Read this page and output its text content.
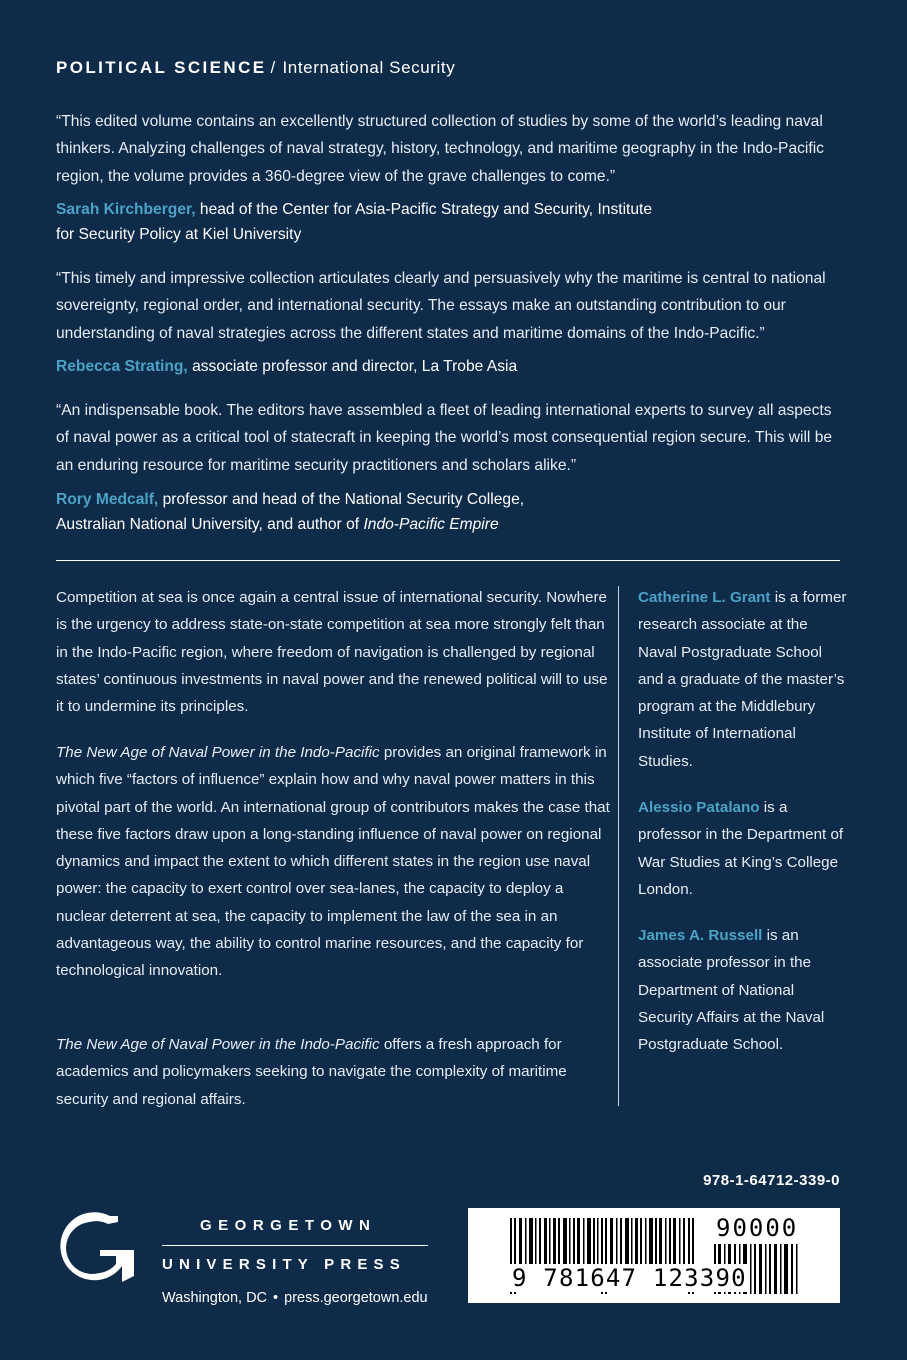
POLITICAL SCIENCE / International Security

“This edited volume contains an excellently structured collection of studies by some of the world’s leading naval thinkers. Analyzing challenges of naval strategy, history, technology, and maritime geography in the Indo-Pacific region, the volume provides a 360-degree view of the grave challenges to come.”

Sarah Kirchberger, head of the Center for Asia-Pacific Strategy and Security, Institute for Security Policy at Kiel University

“This timely and impressive collection articulates clearly and persuasively why the maritime is central to national sovereignty, regional order, and international security. The essays make an outstanding contribution to our understanding of naval strategies across the different states and maritime domains of the Indo-Pacific.”

Rebecca Strating, associate professor and director, La Trobe Asia

“An indispensable book. The editors have assembled a fleet of leading international experts to survey all aspects of naval power as a critical tool of statecraft in keeping the world’s most consequential region secure. This will be an enduring resource for maritime security practitioners and scholars alike.”

Rory Medcalf, professor and head of the National Security College, Australian National University, and author of Indo-Pacific Empire

Competition at sea is once again a central issue of international security. Nowhere is the urgency to address state-on-state competition at sea more strongly felt than in the Indo-Pacific region, where freedom of navigation is challenged by regional states’ continuous investments in naval power and the renewed political will to use it to undermine its principles.

The New Age of Naval Power in the Indo-Pacific provides an original framework in which five “factors of influence” explain how and why naval power matters in this pivotal part of the world. An international group of contributors makes the case that these five factors draw upon a long-standing influence of naval power on regional dynamics and impact the extent to which different states in the region use naval power: the capacity to exert control over sea-lanes, the capacity to deploy a nuclear deterrent at sea, the capacity to implement the law of the sea in an advantageous way, the ability to control marine resources, and the capacity for technological innovation.

The New Age of Naval Power in the Indo-Pacific offers a fresh approach for academics and policymakers seeking to navigate the complexity of maritime security and regional affairs.

Catherine L. Grant is a former research associate at the Naval Postgraduate School and a graduate of the master’s program at the Middlebury Institute of International Studies.

Alessio Patalano is a professor in the Department of War Studies at King’s College London.

James A. Russell is an associate professor in the Department of National Security Affairs at the Naval Postgraduate School.

978-1-64712-339-0
9 781647 123390
90000
GEORGETOWN
UNIVERSITY PRESS
Washington, DC • press.georgetown.edu
